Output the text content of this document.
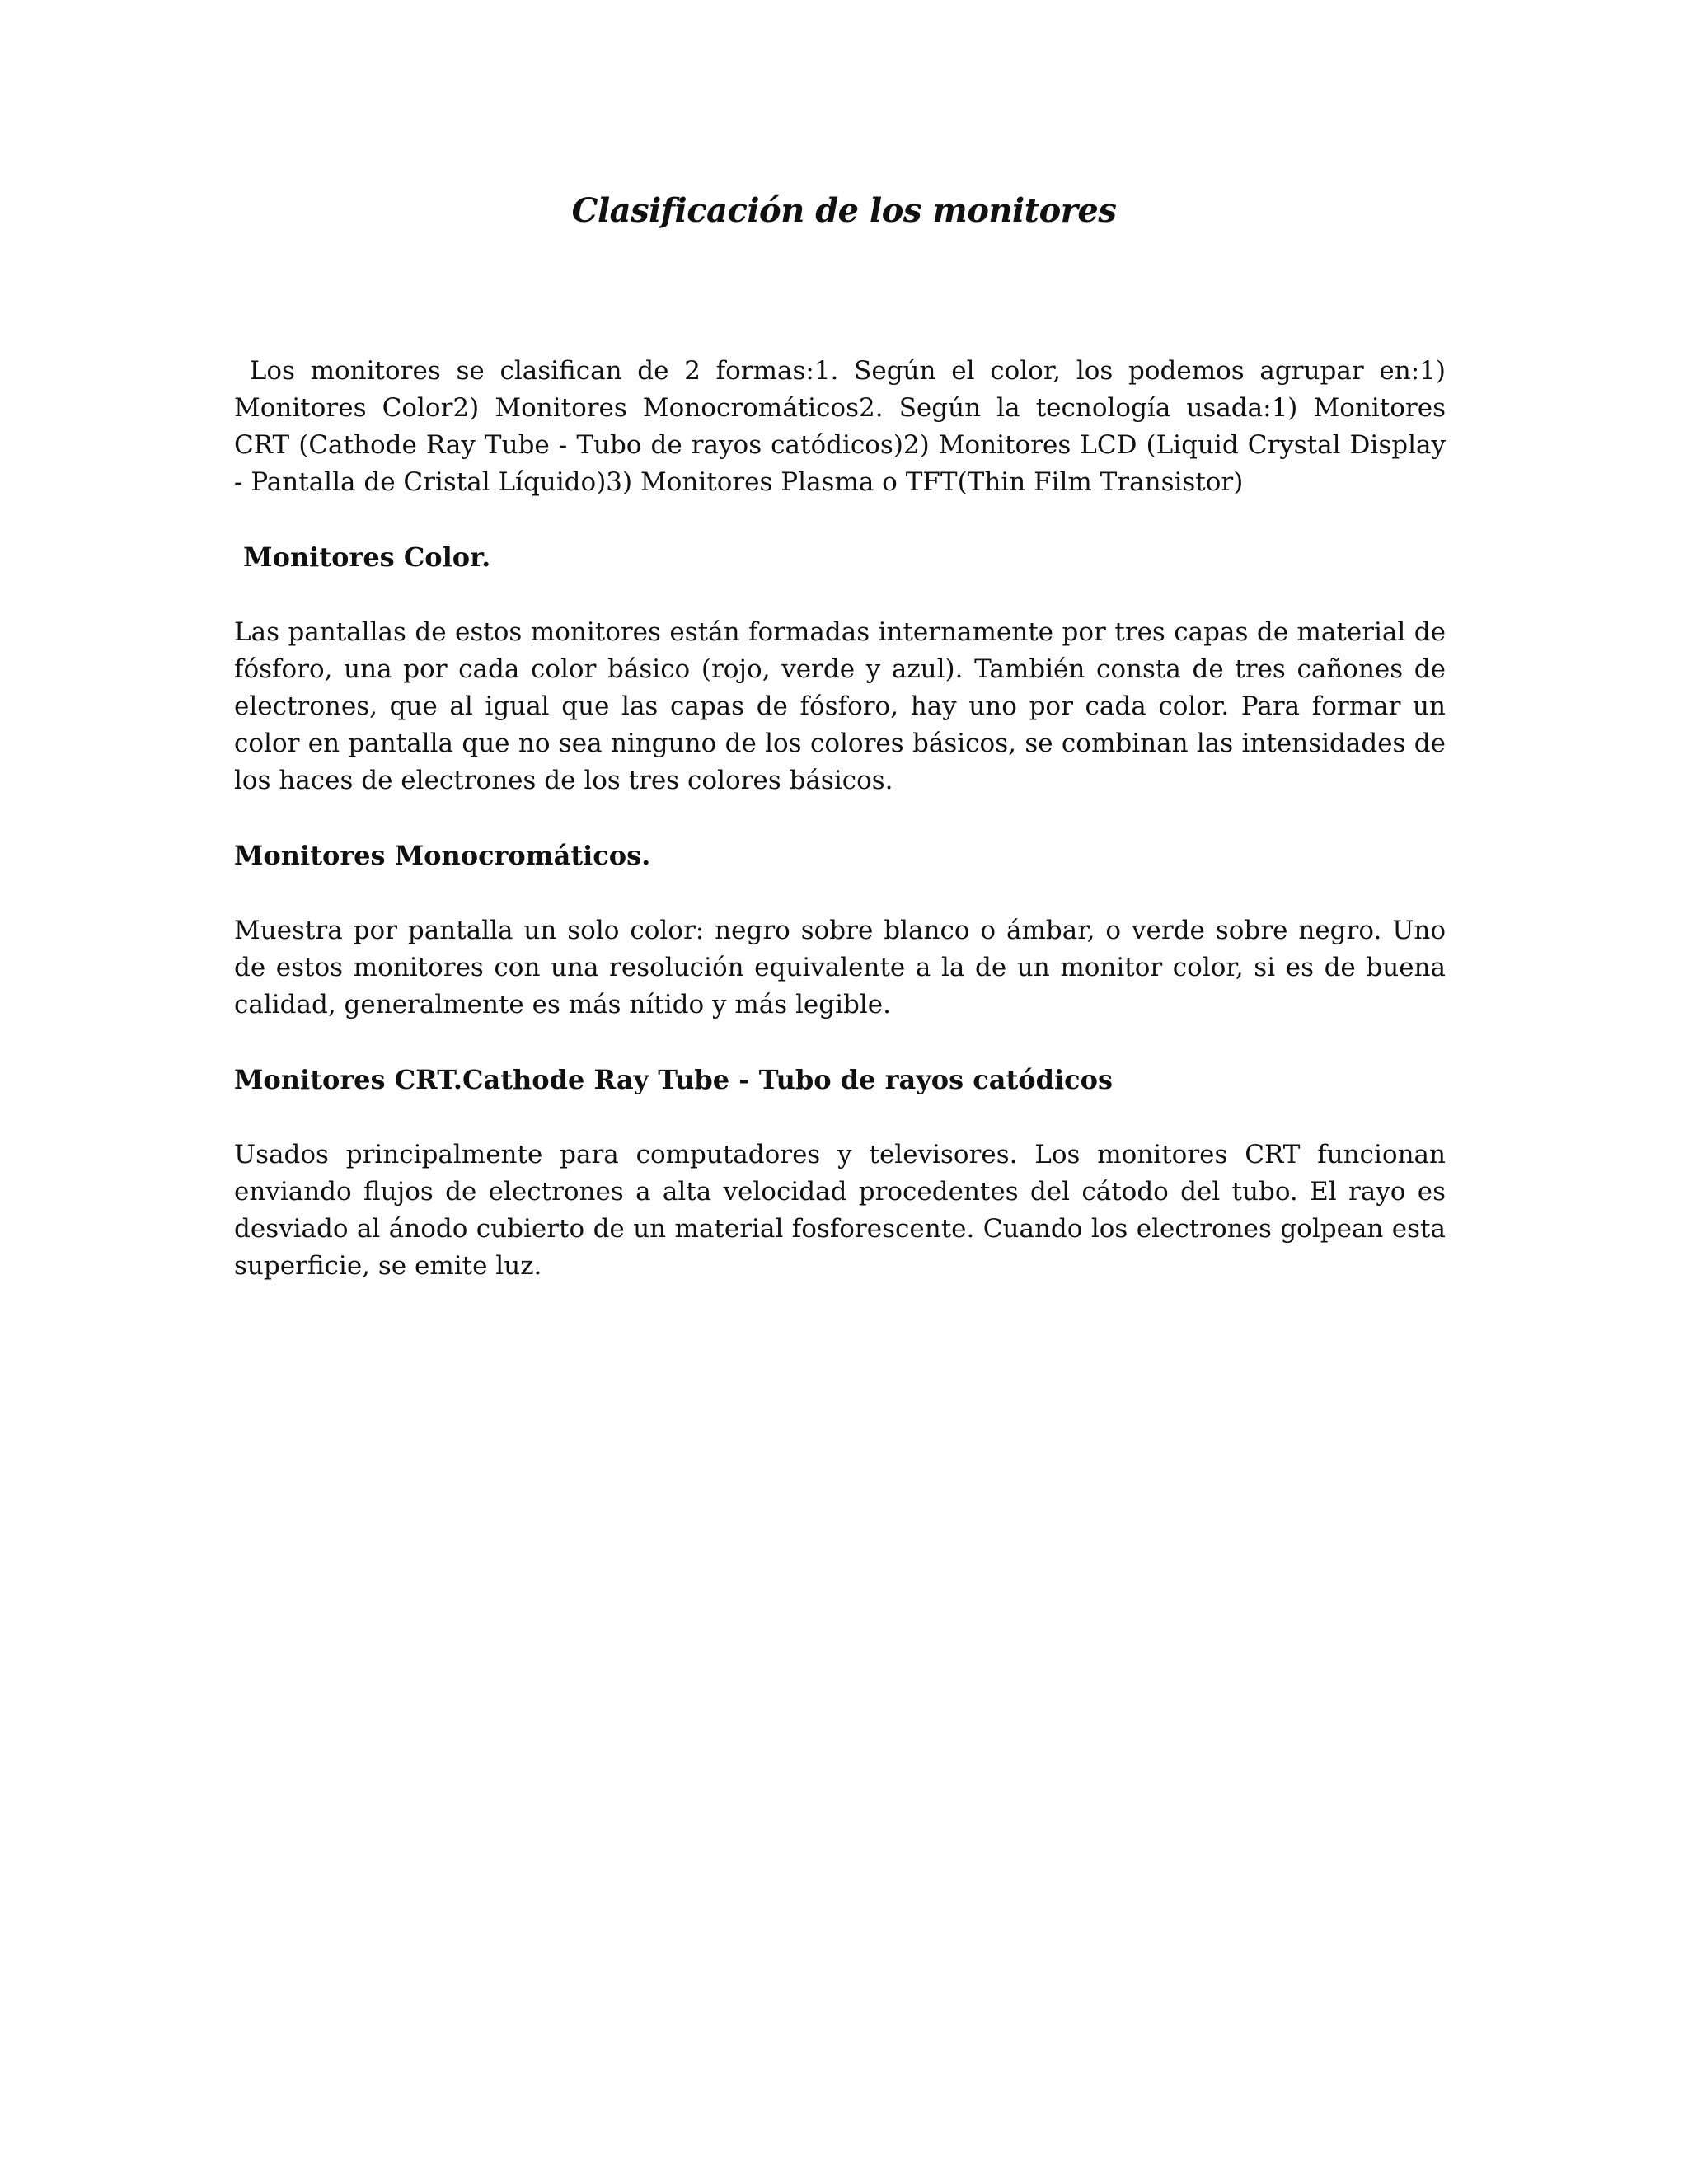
Clasificación de los monitores

Los monitores se clasifican de 2 formas:1. Según el color, los podemos agrupar en:1) Monitores Color2) Monitores Monocromáticos2. Según la tecnología usada:1) Monitores CRT (Cathode Ray Tube - Tubo de rayos catódicos)2) Monitores LCD (Liquid Crystal Display - Pantalla de Cristal Líquido)3) Monitores Plasma o TFT(Thin Film Transistor)

Monitores Color.

Las pantallas de estos monitores están formadas internamente por tres capas de material de fósforo, una por cada color básico (rojo, verde y azul). También consta de tres cañones de electrones, que al igual que las capas de fósforo, hay uno por cada color. Para formar un color en pantalla que no sea ninguno de los colores básicos, se combinan las intensidades de los haces de electrones de los tres colores básicos.

Monitores Monocromáticos.

Muestra por pantalla un solo color: negro sobre blanco o ámbar, o verde sobre negro. Uno de estos monitores con una resolución equivalente a la de un monitor color, si es de buena calidad, generalmente es más nítido y más legible.

Monitores CRT.Cathode Ray Tube - Tubo de rayos catódicos

Usados principalmente para computadores y televisores. Los monitores CRT funcionan enviando flujos de electrones a alta velocidad procedentes del cátodo del tubo. El rayo es desviado al ánodo cubierto de un material fosforescente. Cuando los electrones golpean esta superficie, se emite luz.
